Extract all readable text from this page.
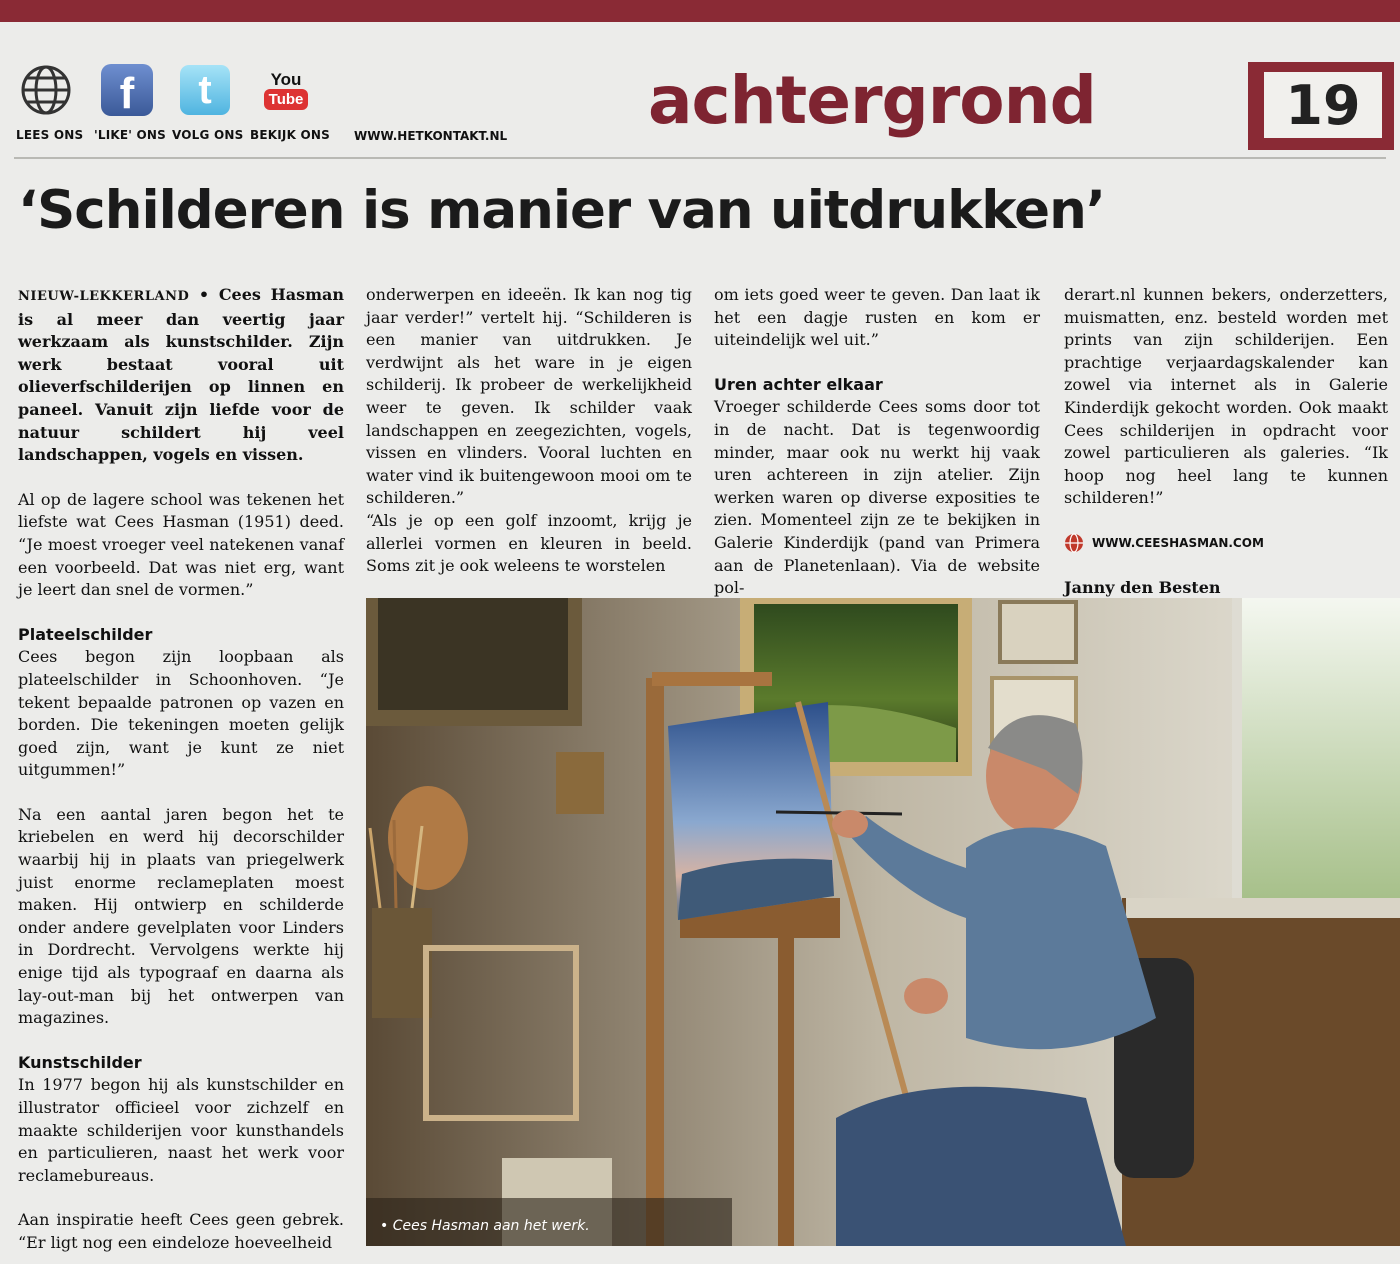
LEES ONS
f
'LIKE' ONS
t
VOLG ONS
You
Tube
BEKIJK ONS WWW.HETKONTAKT.NL achtergrond	19
‘Schilderen is manier van uitdrukken’

NIEUW-LEKKERLAND • Cees Hasman is al meer dan veertig jaar werkzaam als kunstschilder. Zijn werk bestaat vooral uit olieverfschilderijen op linnen en paneel. Vanuit zijn liefde voor de natuur schildert hij veel landschappen, vogels en vissen.

Al op de lagere school was tekenen het liefste wat Cees Hasman (1951) deed. “Je moest vroeger veel natekenen vanaf een voorbeeld. Dat was niet erg, want je leert dan snel de vormen.”

Plateelschilder

Cees begon zijn loopbaan als plateelschilder in Schoonhoven. “Je tekent bepaalde patronen op vazen en borden. Die tekeningen moeten gelijk goed zijn, want je kunt ze niet uitgummen!”

Na een aantal jaren begon het te kriebelen en werd hij decorschilder waarbij hij in plaats van priegelwerk juist enorme reclameplaten moest maken. Hij ontwierp en schilderde onder andere gevelplaten voor Linders in Dordrecht. Vervolgens werkte hij enige tijd als typograaf en daarna als lay-out-man bij het ontwerpen van magazines.

Kunstschilder

In 1977 begon hij als kunstschilder en illustrator officieel voor zichzelf en maakte schilderijen voor kunsthandels en particulieren, naast het werk voor reclamebureaus.

Aan inspiratie heeft Cees geen gebrek. “Er ligt nog een eindeloze hoeveelheid

onderwerpen en ideeën. Ik kan nog tig jaar verder!” vertelt hij. “Schilderen is een manier van uitdrukken. Je verdwijnt als het ware in je eigen schilderij. Ik probeer de werkelijkheid weer te geven. Ik schilder vaak landschappen en zeegezichten, vogels, vissen en vlinders. Vooral luchten en water vind ik buitengewoon mooi om te schilderen.”

“Als je op een golf inzoomt, krijg je allerlei vormen en kleuren in beeld. Soms zit je ook weleens te worstelen

om iets goed weer te geven. Dan laat ik het een dagje rusten en kom er uiteindelijk wel uit.”

Uren achter elkaar

Vroeger schilderde Cees soms door tot in de nacht. Dat is tegenwoordig minder, maar ook nu werkt hij vaak uren achtereen in zijn atelier. Zijn werken waren op diverse exposities te zien. Momenteel zijn ze te bekijken in Galerie Kinderdijk (pand van Primera aan de Planetenlaan). Via de website pol-

derart.nl kunnen bekers, onderzetters, muismatten, enz. besteld worden met prints van zijn schilderijen. Een prachtige verjaardagskalender kan zowel via internet als in Galerie Kinderdijk gekocht worden. Ook maakt Cees schilderijen in opdracht voor zowel particulieren als galeries. “Ik hoop nog heel lang te kunnen schilderen!”

WWW.CEESHASMAN.COM

Janny den Besten

• Cees Hasman aan het werk.
